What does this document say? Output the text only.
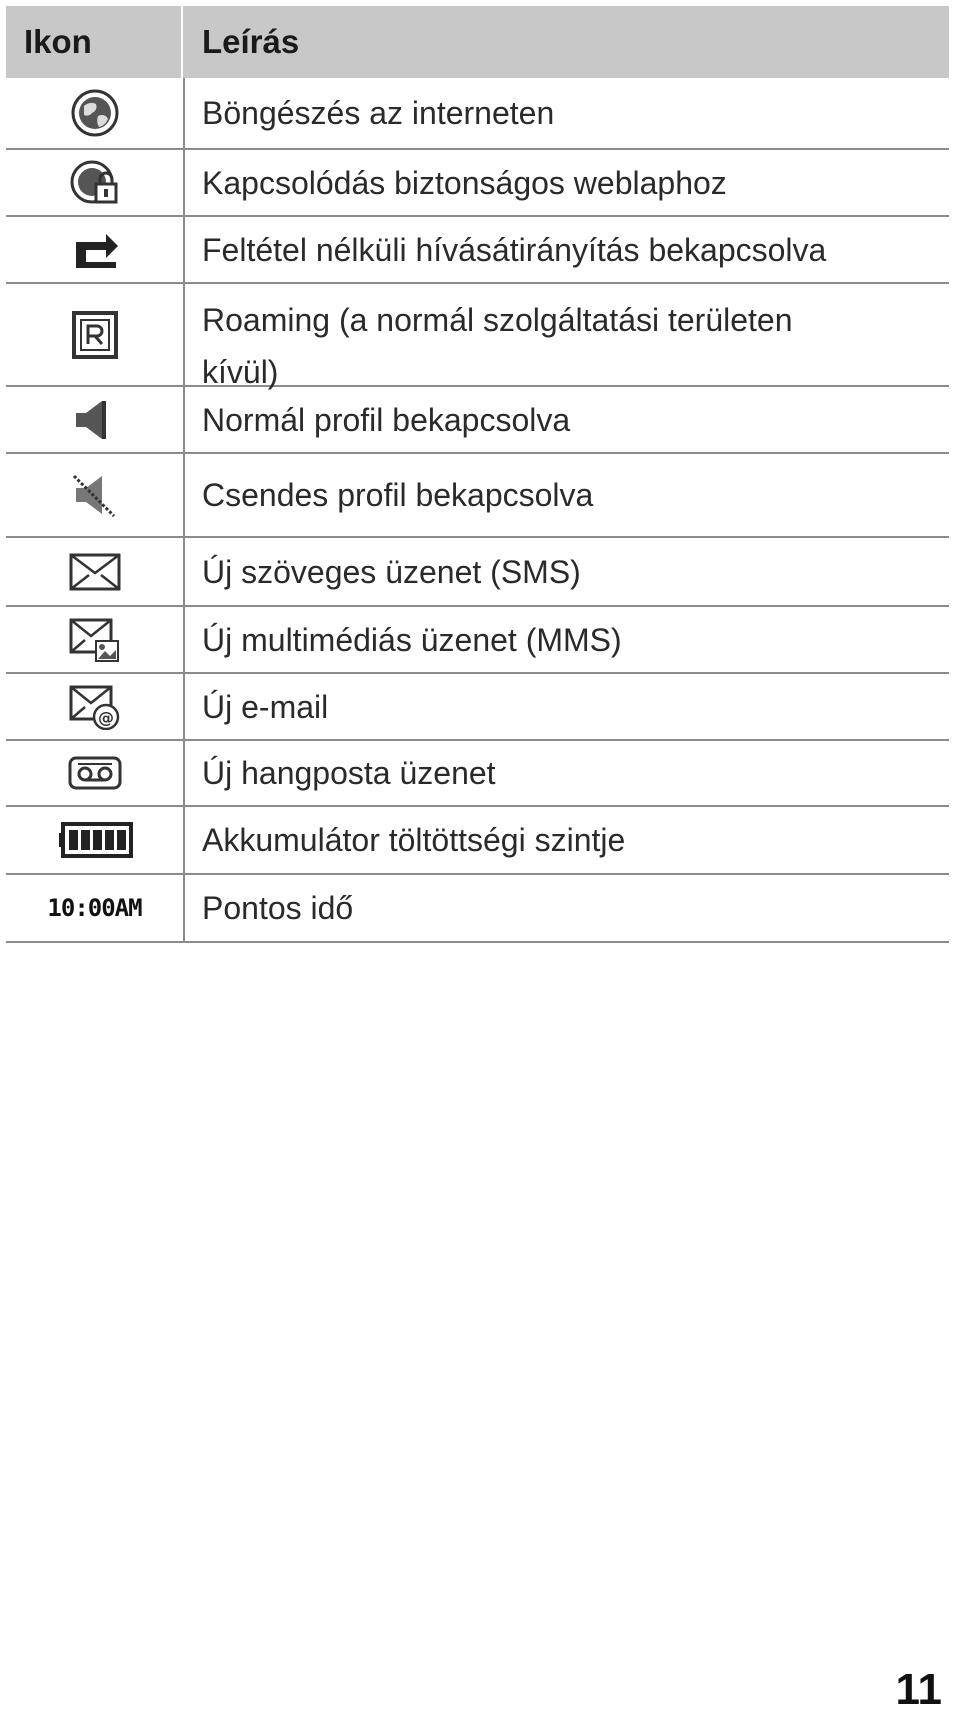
Ikon	Leírás
Böngészés az interneten
Kapcsolódás biztonságos weblaphoz
Feltétel nélküli hívásátirányítás bekapcsolva
Roaming (a normál szolgáltatási területen kívül)
Normál profil bekapcsolva
Csendes profil bekapcsolva
Új szöveges üzenet (SMS)
Új multimédiás üzenet (MMS)
@	Új e-mail
Új hangposta üzenet
Akkumulátor töltöttségi szintje
10:00AM	Pontos idő
11
